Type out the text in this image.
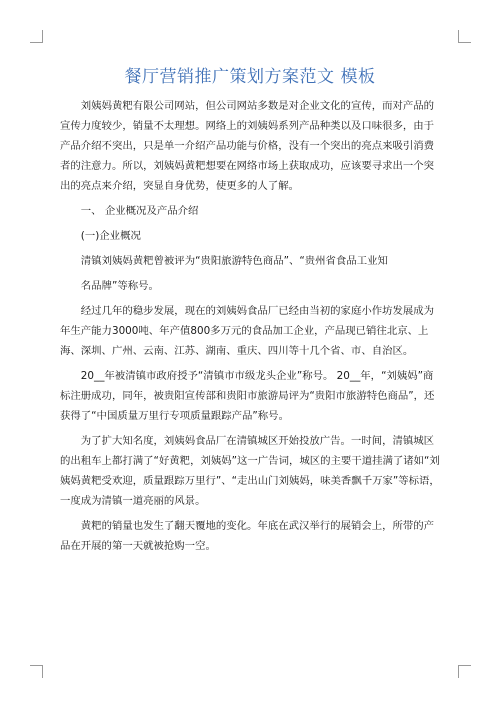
餐厅营销推广策划方案范文 模板

刘姨妈黄粑有限公司网站，但公司网站多数是对企业文化的宣传，而对产品的宣传力度较少，销量不太理想。网络上的刘姨妈系列产品种类以及口味很多，由于产品介绍不突出，只是单一介绍产品功能与价格，没有一个突出的亮点来吸引消费者的注意力。所以，刘姨妈黄粑想要在网络市场上获取成功，应该要寻求出一个突出的亮点来介绍，突显自身优势，使更多的人了解。

一、 企业概况及产品介绍

(一)企业概况

清镇刘姨妈黄粑曾被评为“贵阳旅游特色商品”、“贵州省食品工业知

名品牌”等称号。

经过几年的稳步发展，现在的刘姨妈食品厂已经由当初的家庭小作坊发展成为年生产能力3000吨、年产值800多万元的食品加工企业，产品现已销往北京、上海、深圳、广州、云南、江苏、湖南、重庆、四川等十几个省、市、自治区。

20__年被清镇市政府授予“清镇市市级龙头企业”称号。 20__年，“刘姨妈”商标注册成功，同年，被贵阳宣传部和贵阳市旅游局评为“贵阳市旅游特色商品”，还获得了“中国质量万里行专项质量跟踪产品”称号。

为了扩大知名度，刘姨妈食品厂在清镇城区开始投放广告。一时间，清镇城区的出租车上都打满了“好黄粑，刘姨妈”这一广告词，城区的主要干道挂满了诸如“刘姨妈黄粑受欢迎，质量跟踪万里行”、“走出山门刘姨妈，味美香飘千万家”等标语，一度成为清镇一道亮丽的风景。

黄粑的销量也发生了翻天覆地的变化。年底在武汉举行的展销会上，所带的产品在开展的第一天就被抢购一空。
